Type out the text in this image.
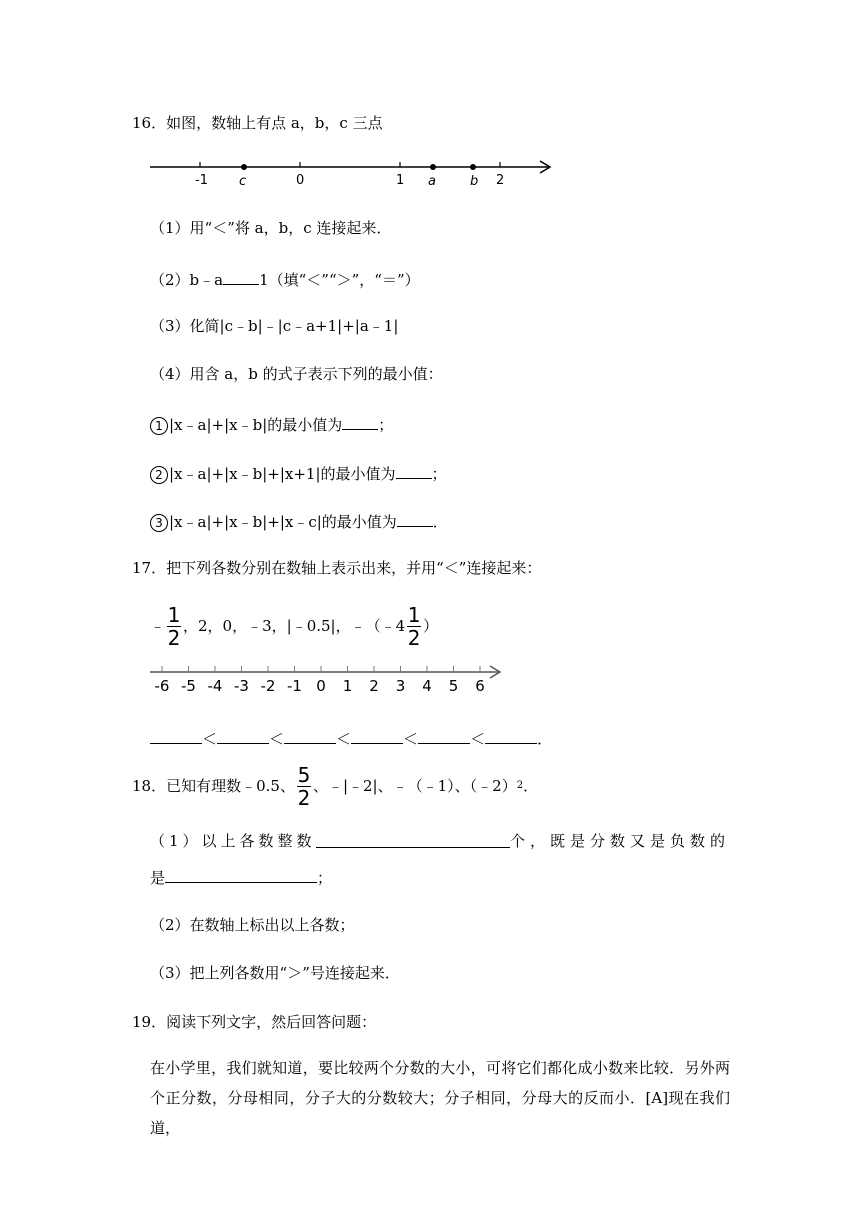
16．如图，数轴上有点 a，b，c 三点
-1 c	0	1 a	b 2
（1）用“＜”将 a，b，c 连接起来．
（2）b﹣a 1（填“＜”“＞”，“＝”）
（3）化简|c﹣b|﹣|c﹣a+1|+|a﹣1|
（4）用含 a，b 的式子表示下列的最小值：
1 |x﹣a|+|x﹣b|的最小值为 ；
2 |x﹣a|+|x﹣b|+|x+1|的最小值为 ；
3 |x﹣a|+|x﹣b|+|x﹣c|的最小值为 ．
17．把下列各数分别在数轴上表示出来，并用“＜”连接起来：
﹣ $\frac{1}{2}$ ，2，0，﹣3，|﹣0.5|，﹣（﹣4 $\frac{1}{2}$ ）
-6 -5 -4 -3 -2 -1 0 1 2 3 4 5 6
＜	＜	＜	＜	＜	．
18．已知有理数﹣0.5、 $\frac{5}{2}$ 、﹣|﹣2|、﹣（﹣1）、（﹣2） 2 ．
（1）以上各数整数	个，既是分数又是负数的
是	；
（2）在数轴上标出以上各数；
（3）把上列各数用“＞”号连接起来．
19．阅读下列文字，然后回答问题：
在小学里，我们就知道，要比较两个分数的大小，可将它们都化成小数来比较．另外两个正分数，分母相同，分子大的分数较大；分子相同，分母大的反而小．[A]现在我们道，
